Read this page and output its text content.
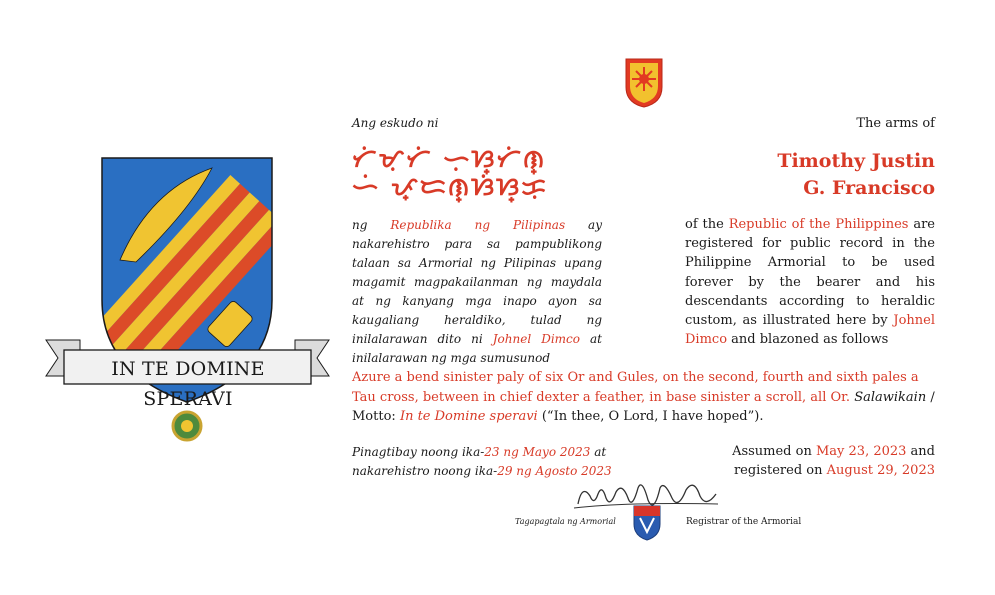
Ang eskudo ni	The arms of
ᜆᜒᜋᜓᜆᜒ ᜑᜓᜐ᜔ᜆᜒᜈ᜔
ᜑᜒ ᜉ᜔ᜇᜈ᜔ᜐᜒᜐ᜔ᜃᜓ
Timothy Justin
G. Francisco
ng Republika ng Pilipinas ay nakarehistro para sa pampublikong talaan sa Armorial ng Pilipinas upang magamit magpakailanman ng maydala at ng kanyang mga inapo ayon sa kaugaliang heraldiko, tulad ng inilalarawan dito ni Johnel Dimco at inilalarawan ng mga sumusunod
of the Republic of the Philippines are registered for public record in the Philippine Armorial to be used forever by the bearer and his descendants according to heraldic custom, as illustrated here by Johnel Dimco and blazoned as follows
Azure a bend sinister paly of six Or and Gules, on the second, fourth and sixth pales a Tau cross, between in chief dexter a feather, in base sinister a scroll, all Or. Salawikain / Motto: In te Domine speravi (“In thee, O Lord, I have hoped”).
Pinagtibay noong ika-23 ng Mayo 2023 at
nakarehistro noong ika-29 ng Agosto 2023
Assumed on May 23, 2023 and
registered on August 29, 2023
Tagapagtala ng Armorial	Registrar of the Armorial
IN TE DOMINE SPERAVI
